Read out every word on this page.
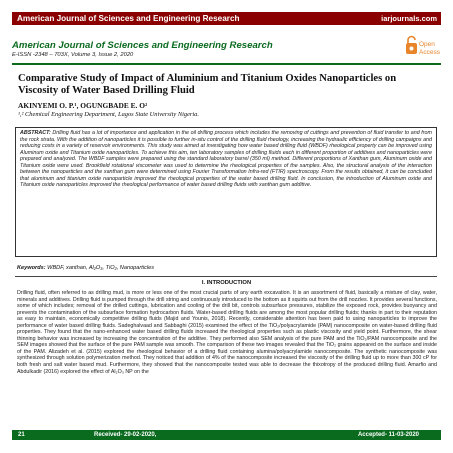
American Journal of Sciences and Engineering Research	iarjournals.com
American Journal of Sciences and Engineering Research
E-ISSN -2348 – 703X, Volume 3, Issue 2, 2020
Open
Access
Comparative Study of Impact of Aluminium and Titanium Oxides Nanoparticles on Viscosity of Water Based Drilling Fluid
AKINYEMI O. P.¹, OGUNGBADE E. O²
¹,² Chemical Engineering Department, Lagos State University Nigeria.
ABSTRACT: Drilling fluid has a lot of importance and application in the oil drilling process which includes the removing of cuttings and prevention of fluid transfer to and from the rock strata. With the addition of nanoparticles it is possible to further in-situ control of the drilling fluid rheology, increasing the hydraulic efficiency of drilling campaigns and reducing costs in a variety of reservoir environments. This study was aimed at investigating how water based drilling fluid (WBDF) rheological property can be improved using Aluminum oxide and Titanium oxide nanoparticles. To achieve this aim, ten laboratory samples of drilling fluids each in different proportion of additives and nanoparticles were prepared and analyzed. The WBDF samples were prepared using the standard laboratory barrel (350 ml) method. Different proportions of Xanthan gum, Aluminum oxide and Titanium oxide were used. Brookfield rotational viscometer was used to determine the rheological properties of the samples. Also, the structural analysis of the interaction between the nanoparticles and the xanthan gum were determined using Fourier Transformation Infra-red (FTIR) spectroscopy. From the results obtained, it can be concluded that aluminum and titanium oxide nanoparticle improved the rheological properties of the water based drilling fluid. In conclusion, the introduction of Aluminum oxide and Titanium oxide nanoparticles improved the rheological performance of water based drilling fluids with xanthan gum additive.
Keywords: WBDF, xanthan, Al₂O₃, TiO₂, Nanoparticles
I. INTRODUCTION
Drilling fluid, often referred to as drilling mud, is more or less one of the most crucial parts of any earth excavation. It is an assortment of fluid, basically a mixture of clay, water, minerals and additives. Drilling fluid is pumped through the drill string and continuously introduced to the bottom as it squirts out from the drill nozzles. It provides several functions, some of which includes; removal of the drilled cuttings, lubrication and cooling of the drill bit, controls subsurface pressures, stabilize the exposed rock, provides buoyancy and prevents the contamination of the subsurface formation hydrocarbon fluids. Water-based drilling fluids are among the most popular drilling fluids; thanks in part to their reputation as easy to maintain, economically competitive drilling fluids (Majid and Younis, 2018). Recently, considerable attention has been paid to using nanoparticles to improve the performance of water based drilling fluids. Sadeghalvaad and Sabbaghi (2015) examined the effect of the TiO₂/polyacrylamide (PAM) nanocomposite on water-based drilling fluid properties. They found that the nano-enhanced water based drilling fluids increased the rheological properties such as plastic viscosity and yield point. Furthermore, the shear thinning behavior was increased by increasing the concentration of the additive. They performed also SEM analysis of the pure PAM and the TiO₂/PAM nanocomposite and the SEM images showed that the surface of the pure PAM sample was smooth. The comparison of these two images revealed that the TiO₂ grains appeared on the surface and inside of the PAM. Alizadeh et al. (2015) explored the rheological behavior of a drilling fluid containing alumina/polyacrylamide nanocomposite. The synthetic nanocomposite was synthesized through solution polymerization method. They noticed that addition of 4% of the nanocomposite increased the viscosity of the drilling fluid up to more than 300 cP for both fresh and salt water based mud. Furthermore, they showed that the nanocomposite tested was able to decrease the thixotropy of the produced drilling fluid. Amarfio and Abdulkadir (2016) explored the effect of Al₂O₃ NP on the
21	Received- 29-02-2020,	Accepted- 11-03-2020
